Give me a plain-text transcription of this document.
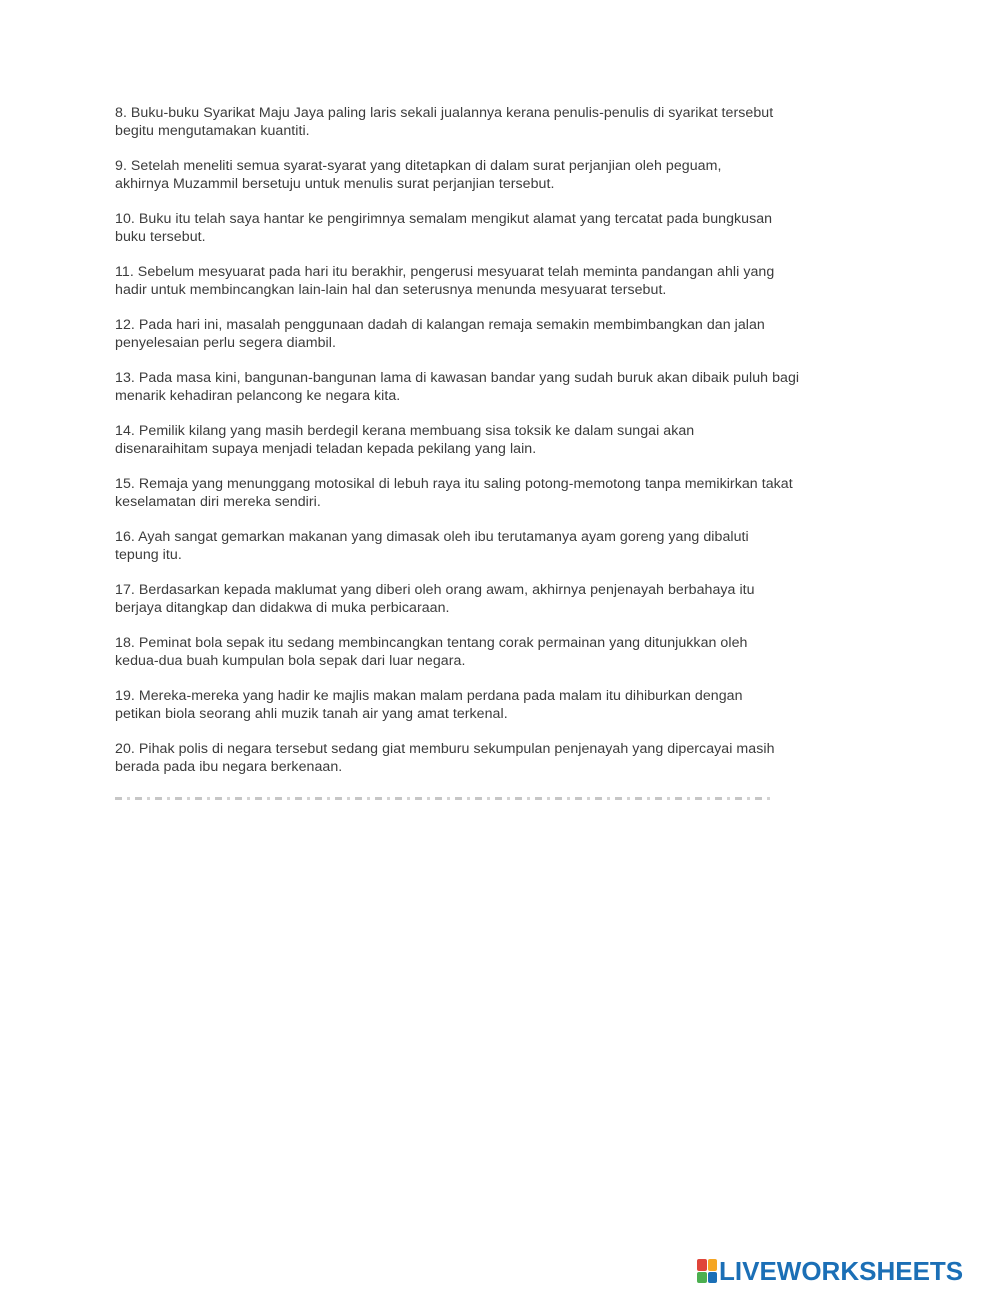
8. Buku-buku Syarikat Maju Jaya paling laris sekali jualannya kerana penulis-penulis di syarikat tersebut
begitu mengutamakan kuantiti.
9. Setelah meneliti semua syarat-syarat yang ditetapkan di dalam surat perjanjian oleh peguam,
akhirnya Muzammil bersetuju untuk menulis surat perjanjian tersebut.
10. Buku itu telah saya hantar ke pengirimnya semalam mengikut alamat yang tercatat pada bungkusan
buku tersebut.
11. Sebelum mesyuarat pada hari itu berakhir, pengerusi mesyuarat telah meminta pandangan ahli yang
hadir untuk membincangkan lain-lain hal dan seterusnya menunda mesyuarat tersebut.
12. Pada hari ini, masalah penggunaan dadah di kalangan remaja semakin membimbangkan dan jalan
penyelesaian perlu segera diambil.
13. Pada masa kini, bangunan-bangunan lama di kawasan bandar yang sudah buruk akan dibaik puluh bagi
menarik kehadiran pelancong ke negara kita.
14. Pemilik kilang yang masih berdegil kerana membuang sisa toksik ke dalam sungai akan
disenaraihitam supaya menjadi teladan kepada pekilang yang lain.
15. Remaja yang menunggang motosikal di lebuh raya itu saling potong-memotong tanpa memikirkan takat
keselamatan diri mereka sendiri.
16. Ayah sangat gemarkan makanan yang dimasak oleh ibu terutamanya ayam goreng yang dibaluti
tepung itu.
17. Berdasarkan kepada maklumat yang diberi oleh orang awam, akhirnya penjenayah berbahaya itu
berjaya ditangkap dan didakwa di muka perbicaraan.
18. Peminat bola sepak itu sedang membincangkan tentang corak permainan yang ditunjukkan oleh
kedua-dua buah kumpulan bola sepak dari luar negara.
19. Mereka-mereka yang hadir ke majlis makan malam perdana pada malam itu dihiburkan dengan
petikan biola seorang ahli muzik tanah air yang amat terkenal.
20. Pihak polis di negara tersebut sedang giat memburu sekumpulan penjenayah yang dipercayai masih
berada pada ibu negara berkenaan.
LIVEWORKSHEETS
